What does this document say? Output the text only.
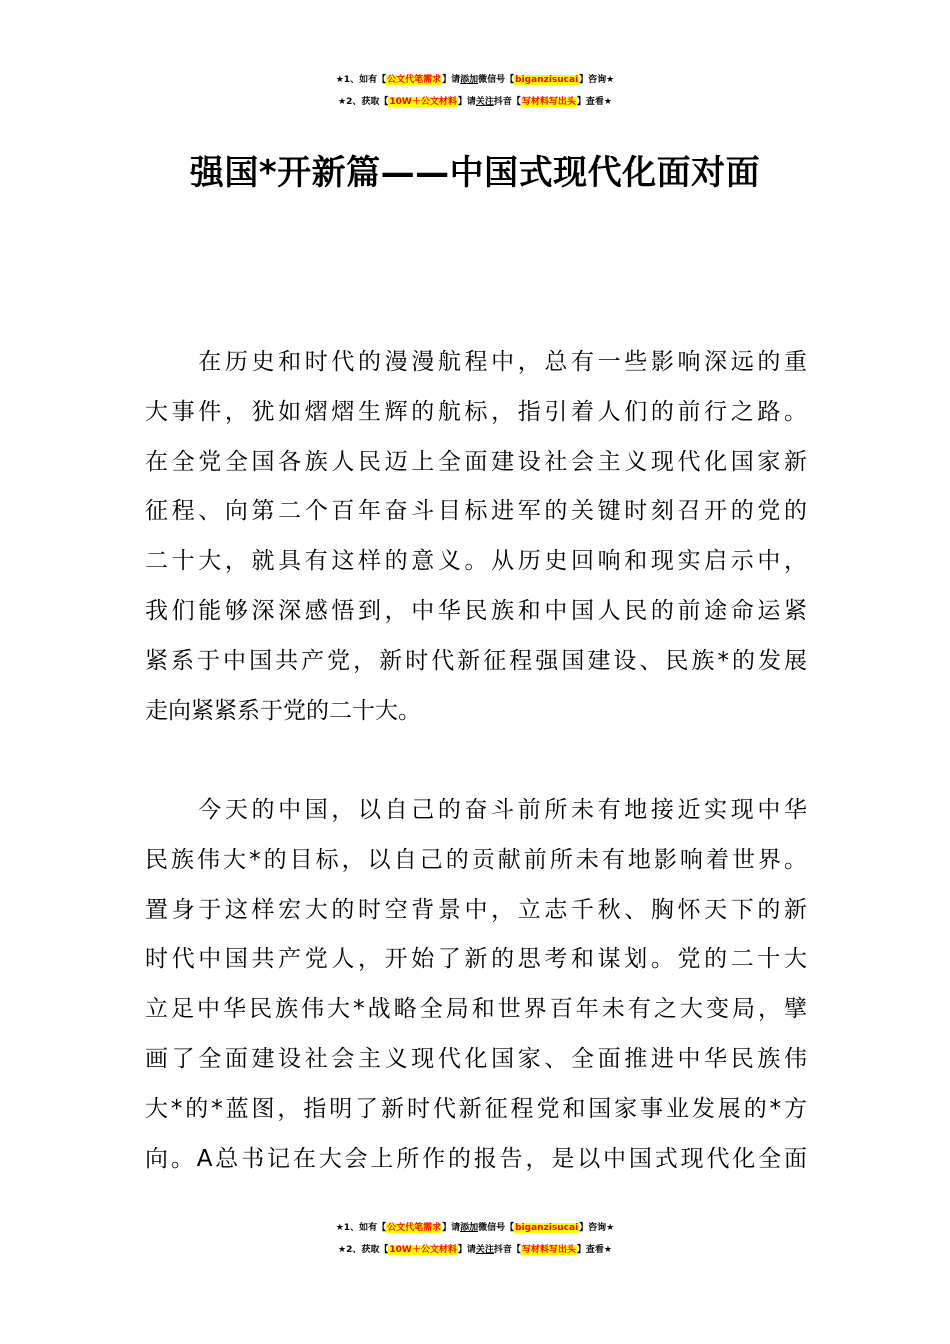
★1、如有【公文代笔需求】请添加微信号【biganzisucai】咨询★
★2、获取【10W＋公文材料】请关注抖音【写材料写出头】查看★
强国*开新篇——中国式现代化面对面
　　在历史和时代的漫漫航程中，总有一些影响深远的重
大事件，犹如熠熠生辉的航标，指引着人们的前行之路。
在全党全国各族人民迈上全面建设社会主义现代化国家新
征程、向第二个百年奋斗目标进军的关键时刻召开的党的
二十大，就具有这样的意义。从历史回响和现实启示中，
我们能够深深感悟到，中华民族和中国人民的前途命运紧
紧系于中国共产党，新时代新征程强国建设、民族*的发展
走向紧紧系于党的二十大。
　　今天的中国，以自己的奋斗前所未有地接近实现中华
民族伟大*的目标，以自己的贡献前所未有地影响着世界。
置身于这样宏大的时空背景中，立志千秋、胸怀天下的新
时代中国共产党人，开始了新的思考和谋划。党的二十大
立足中华民族伟大*战略全局和世界百年未有之大变局，擘
画了全面建设社会主义现代化国家、全面推进中华民族伟
大*的*蓝图，指明了新时代新征程党和国家事业发展的*方
向。A总书记在大会上所作的报告，是以中国式现代化全面
★1、如有【公文代笔需求】请添加微信号【biganzisucai】咨询★
★2、获取【10W＋公文材料】请关注抖音【写材料写出头】查看★
